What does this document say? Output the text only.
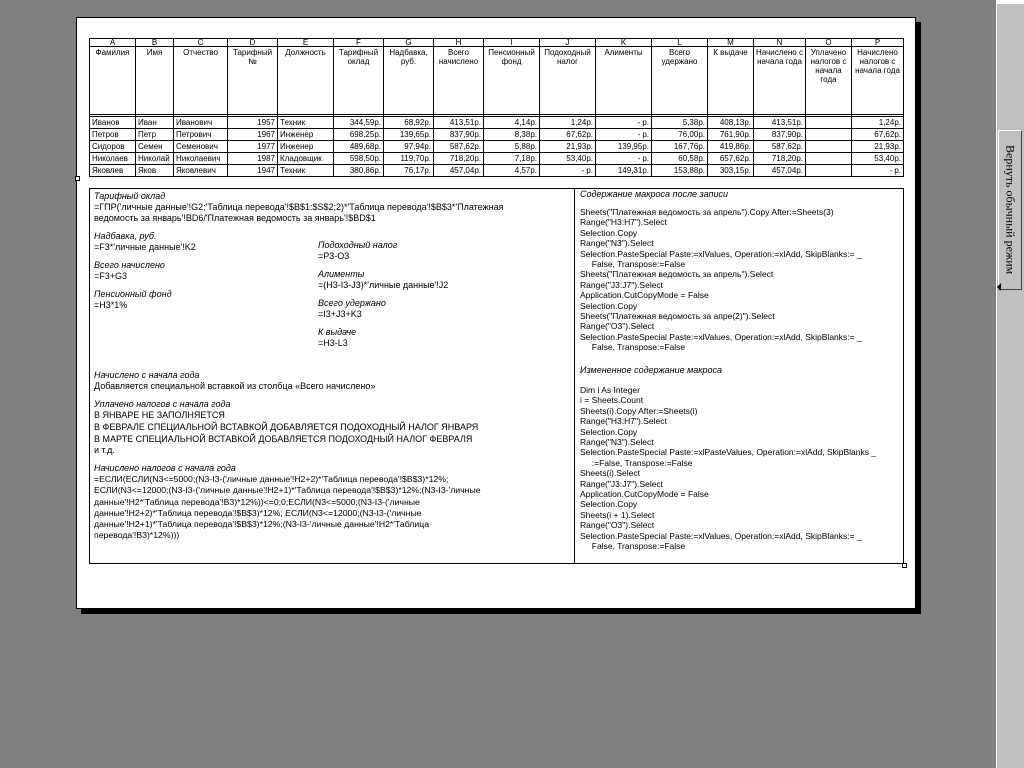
Вернуть обычный режим
A	B	C	D	E	F	G	H	I	J	K	L	M	N	O	P
Фамилия	Имя	Отчество	Тарифный №	Должность	Тарифный оклад	Надбавка, руб.	Всего начислено	Пенсионный фонд	Подоходный налог	Алименты	Всего удержано	К выдаче	Начислено с начала года	Уплачено налогов с начала года	Начислено налогов с начала года

Иванов	Иван	Иванович	1957	Техник	344,59р.	68,92р.	413,51р.	4,14р.	1,24р.	- р.	5,38р.	408,13р.	413,51р.		1,24р.
Петров	Петр	Петрович	1967	Инженер	698,25р.	139,65р.	837,90р.	8,38р.	67,62р.	- р.	76,00р.	761,90р.	837,90р.		67,62р.
Сидоров	Семен	Семенович	1977	Инженер	489,68р.	97,94р.	587,62р.	5,88р.	21,93р.	139,95р.	167,76р.	419,86р.	587,62р.		21,93р.
Николаев	Николай	Николаевич	1987	Кладовщик	598,50р.	119,70р.	718,20р.	7,18р.	53,40р.	- р.	60,58р.	657,62р.	718,20р.		53,40р.
Яковлев	Яков	Яковлевич	1947	Техник	380,86р.	76,17р.	457,04р.	4,57р.	- р.	149,31р.	153,88р.	303,15р.	457,04р.		- р.
Тарифный оклад
=ГПР('личные данные'!G2;'Таблица перевода'!$B$1:$S$2;2)*'Таблица перевода'!$B$3*'Платежная
ведомость за январь'!BD6/'Платежная ведомость за январь'!$BD$1
Надбавка, руб.
=F3*'личные данные'!K2
Всего начислено
=F3+G3
Пенсионный фонд
=H3*1%
Подоходный налог
=P3-O3
Алименты
=(H3-I3-J3)*'личные данные'!J2
Всего удержано
=I3+J3+K3
К выдаче
=H3-L3
Начислено с начала года
Добавляется специальной вставкой из столбца «Всего начислено»
Уплачено налогов с начала года
В ЯНВАРЕ НЕ ЗАПОЛНЯЕТСЯ
В ФЕВРАЛЕ СПЕЦИАЛЬНОЙ ВСТАВКОЙ ДОБАВЛЯЕТСЯ ПОДОХОДНЫЙ НАЛОГ ЯНВАРЯ
В МАРТЕ СПЕЦИАЛЬНОЙ ВСТАВКОЙ ДОБАВЛЯЕТСЯ ПОДОХОДНЫЙ НАЛОГ ФЕВРАЛЯ
и т.д.
Начислено налогов с начала года
=ЕСЛИ(ЕСЛИ(N3<=5000;(N3-I3-('личные данные'!H2+2)*'Таблица перевода'!$B$3)*12%;
ЕСЛИ(N3<=12000;(N3-I3-('личные данные'!H2+1)*'Таблица перевода'!$B$3)*12%;(N3-I3-'личные
данные'!H2*'Таблица перевода'!B3)*12%))<=0;0;ЕСЛИ(N3<=5000;(N3-I3-('личные
данные'!H2+2)*'Таблица перевода'!$B$3)*12%; ЕСЛИ(N3<=12000;(N3-I3-('личные
данные'!H2+1)*'Таблица перевода'!$B$3)*12%;(N3-I3-'личные данные'!H2*'Таблица
перевода'!B3)*12%)))
Содержание макроса после записи
Sheets("Платежная ведомость за апрель").Copy After:=Sheets(3)
Range("H3:H7").Select
Selection.Copy
Range("N3").Select
Selection.PasteSpecial Paste:=xlValues, Operation:=xlAdd, SkipBlanks:= _
False, Transpose:=False
Sheets("Платежная ведомость за апрель").Select
Range("J3:J7").Select
Application.CutCopyMode = False
Selection.Copy
Sheets("Платежная ведомость за апре(2)").Select
Range("O3").Select
Selection.PasteSpecial Paste:=xlValues, Operation:=xlAdd, SkipBlanks:= _
False, Transpose:=False
Измененное содержание макроса
Dim i As Integer
i = Sheets.Count
Sheets(i).Copy After:=Sheets(i)
Range("H3:H7").Select
Selection.Copy
Range("N3").Select
Selection.PasteSpecial Paste:=xlPasteValues, Operation:=xlAdd, SkipBlanks _
:=False, Transpose:=False
Sheets(i).Select
Range("J3:J7").Select
Application.CutCopyMode = False
Selection.Copy
Sheets(i + 1).Select
Range("O3").Select
Selection.PasteSpecial Paste:=xlValues, Operation:=xlAdd, SkipBlanks:= _
False, Transpose:=False
